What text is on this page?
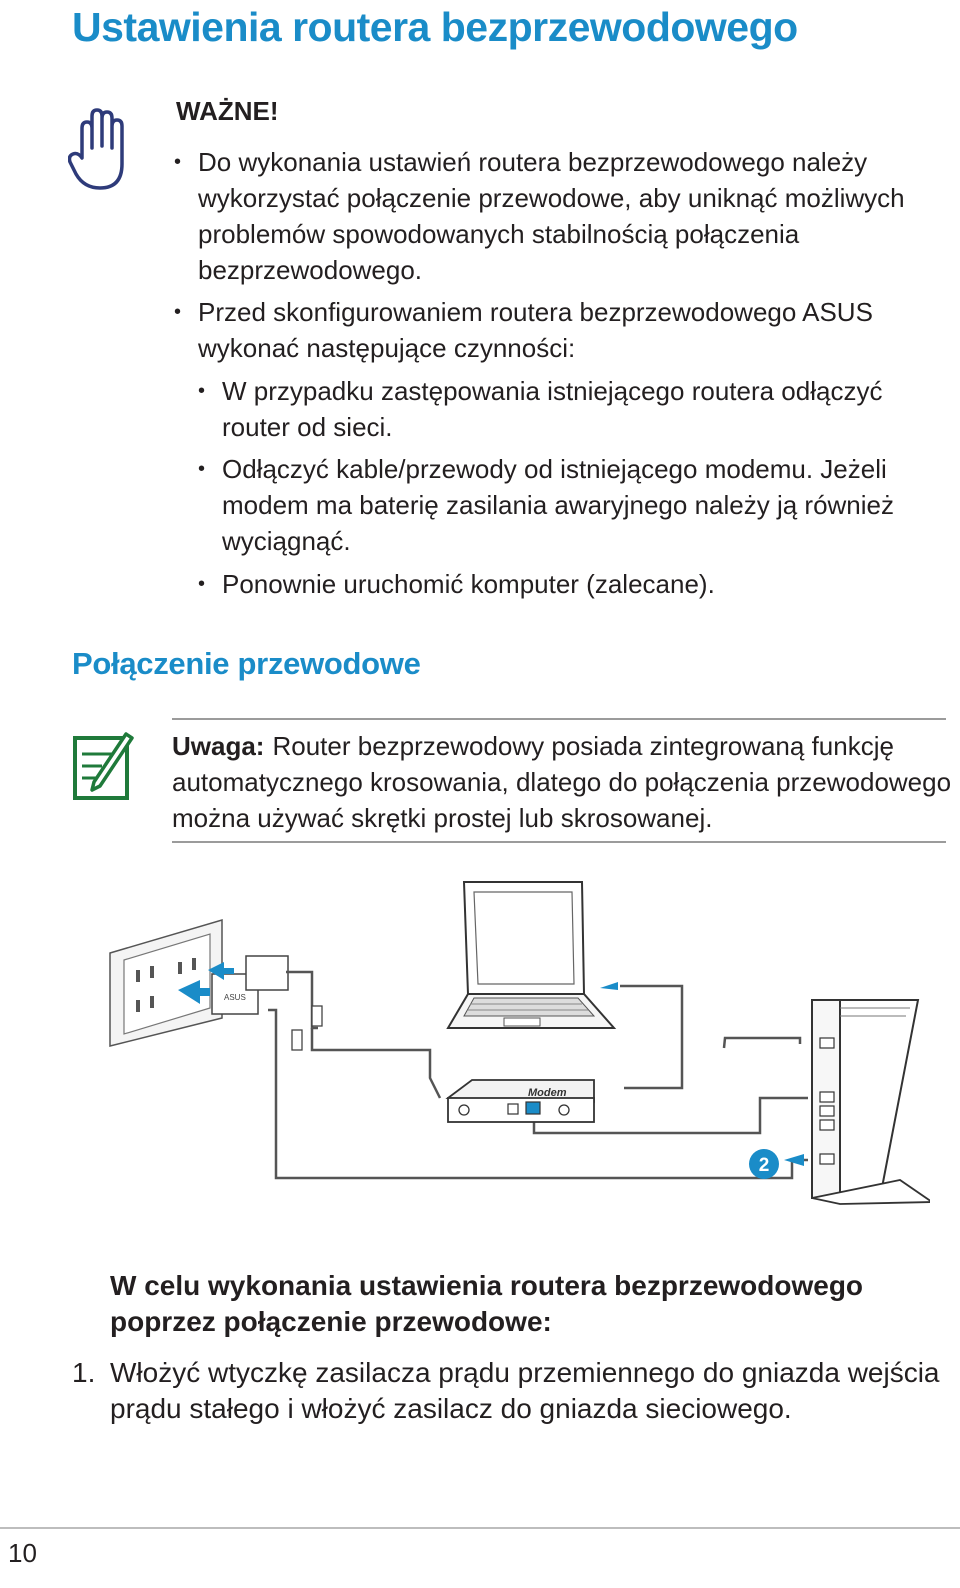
Ustawienia routera bezprzewodowego
WAŻNE!
• Do wykonania ustawień routera bezprzewodowego należy wykorzystać połączenie przewodowe, aby uniknąć możliwych problemów spowodowanych stabilnością połączenia bezprzewodowego.
• Przed skonfigurowaniem routera bezprzewodowego ASUS wykonać następujące czynności:
• W przypadku zastępowania istniejącego routera odłączyć router od sieci.
• Odłączyć kable/przewody od istniejącego modemu. Jeżeli modem ma baterię zasilania awaryjnego należy ją również wyciągnąć.
• Ponownie uruchomić komputer (zalecane).
Połączenie przewodowe
Uwaga: Router bezprzewodowy posiada zintegrowaną funkcję automatycznego krosowania, dlatego do połączenia przewodowego można używać skrętki prostej lub skrosowanej.
ASUS
Modem
2
W celu wykonania ustawienia routera bezprzewodowego poprzez połączenie przewodowe:
1. Włożyć wtyczkę zasilacza prądu przemiennego do gniazda wejścia prądu stałego i włożyć zasilacz do gniazda sieciowego.
10
